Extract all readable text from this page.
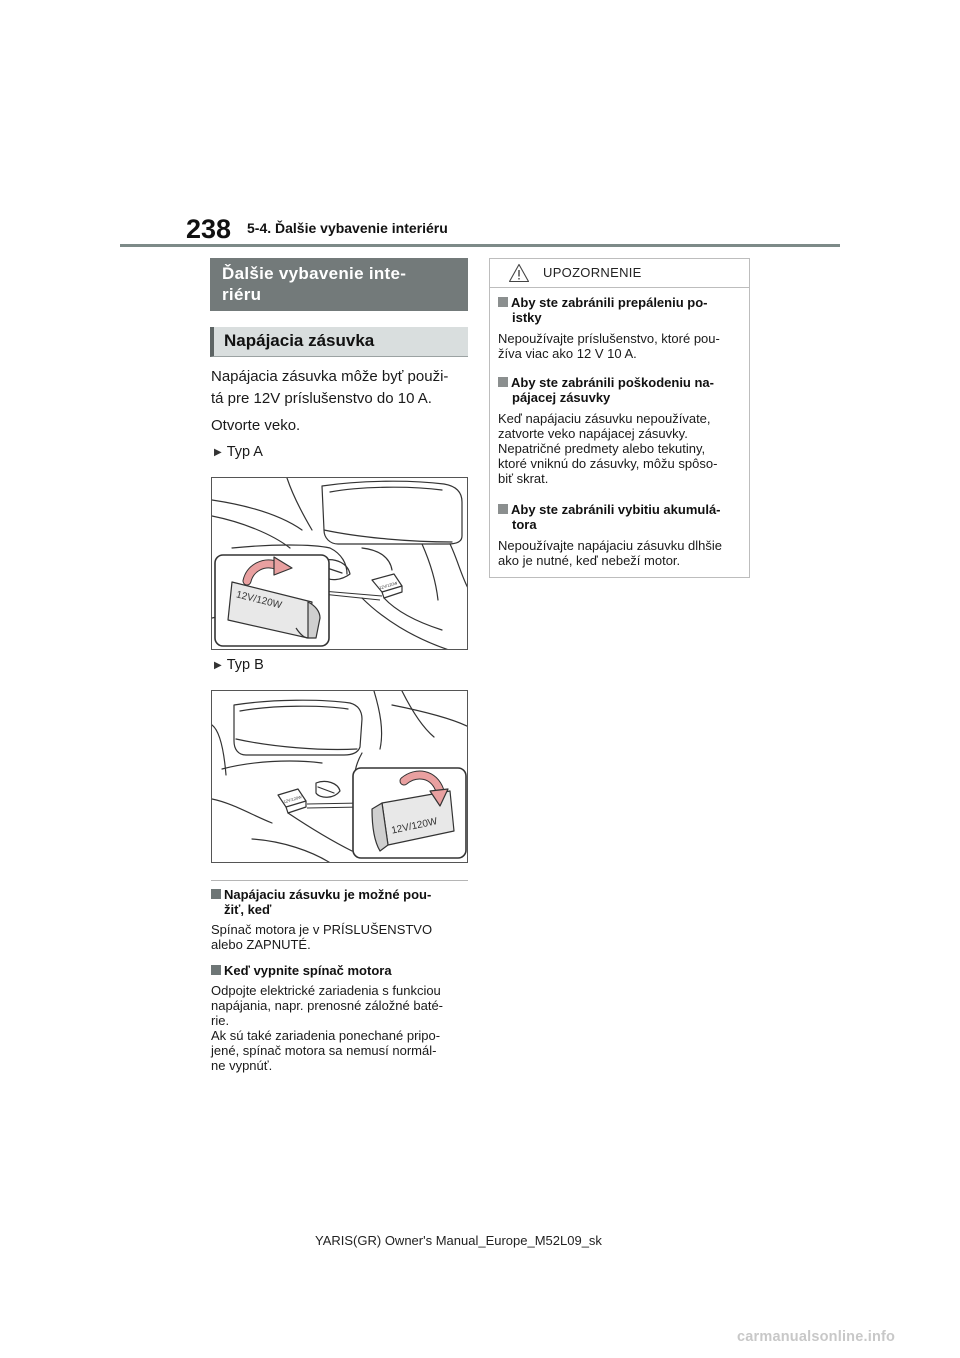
238 5-4. Ďalšie vybavenie interiéru
Ďalšie vybavenie inte-
riéru
Napájacia zásuvka
Napájacia zásuvka môže byť použi-
tá pre 12V príslušenstvo do 10 A.
Otvorte veko.
▶ Typ A
12V/120W
12V/120W
▶ Typ B
12V/120W
12V/120W
Napájaciu zásuvku je možné pou-
žiť, keď
Spínač motora je v PRÍSLUŠENSTVO
alebo ZAPNUTÉ.
Keď vypnite spínač motora
Odpojte elektrické zariadenia s funkciou
napájania, napr. prenosné záložné baté-
rie.
Ak sú také zariadenia ponechané pripo-
jené, spínač motora sa nemusí normál-
ne vypnúť.
UPOZORNENIE
Aby ste zabránili prepáleniu po-
istky
Nepoužívajte príslušenstvo, ktoré pou-
žíva viac ako 12 V 10 A.
Aby ste zabránili poškodeniu na-
pájacej zásuvky
Keď napájaciu zásuvku nepoužívate,
zatvorte veko napájacej zásuvky.
Nepatričné predmety alebo tekutiny,
ktoré vniknú do zásuvky, môžu spôso-
biť skrat.
Aby ste zabránili vybitiu akumulá-
tora
Nepoužívajte napájaciu zásuvku dlhšie
ako je nutné, keď nebeží motor.
YARIS(GR) Owner's Manual_Europe_M52L09_sk
carmanualsonline.info
